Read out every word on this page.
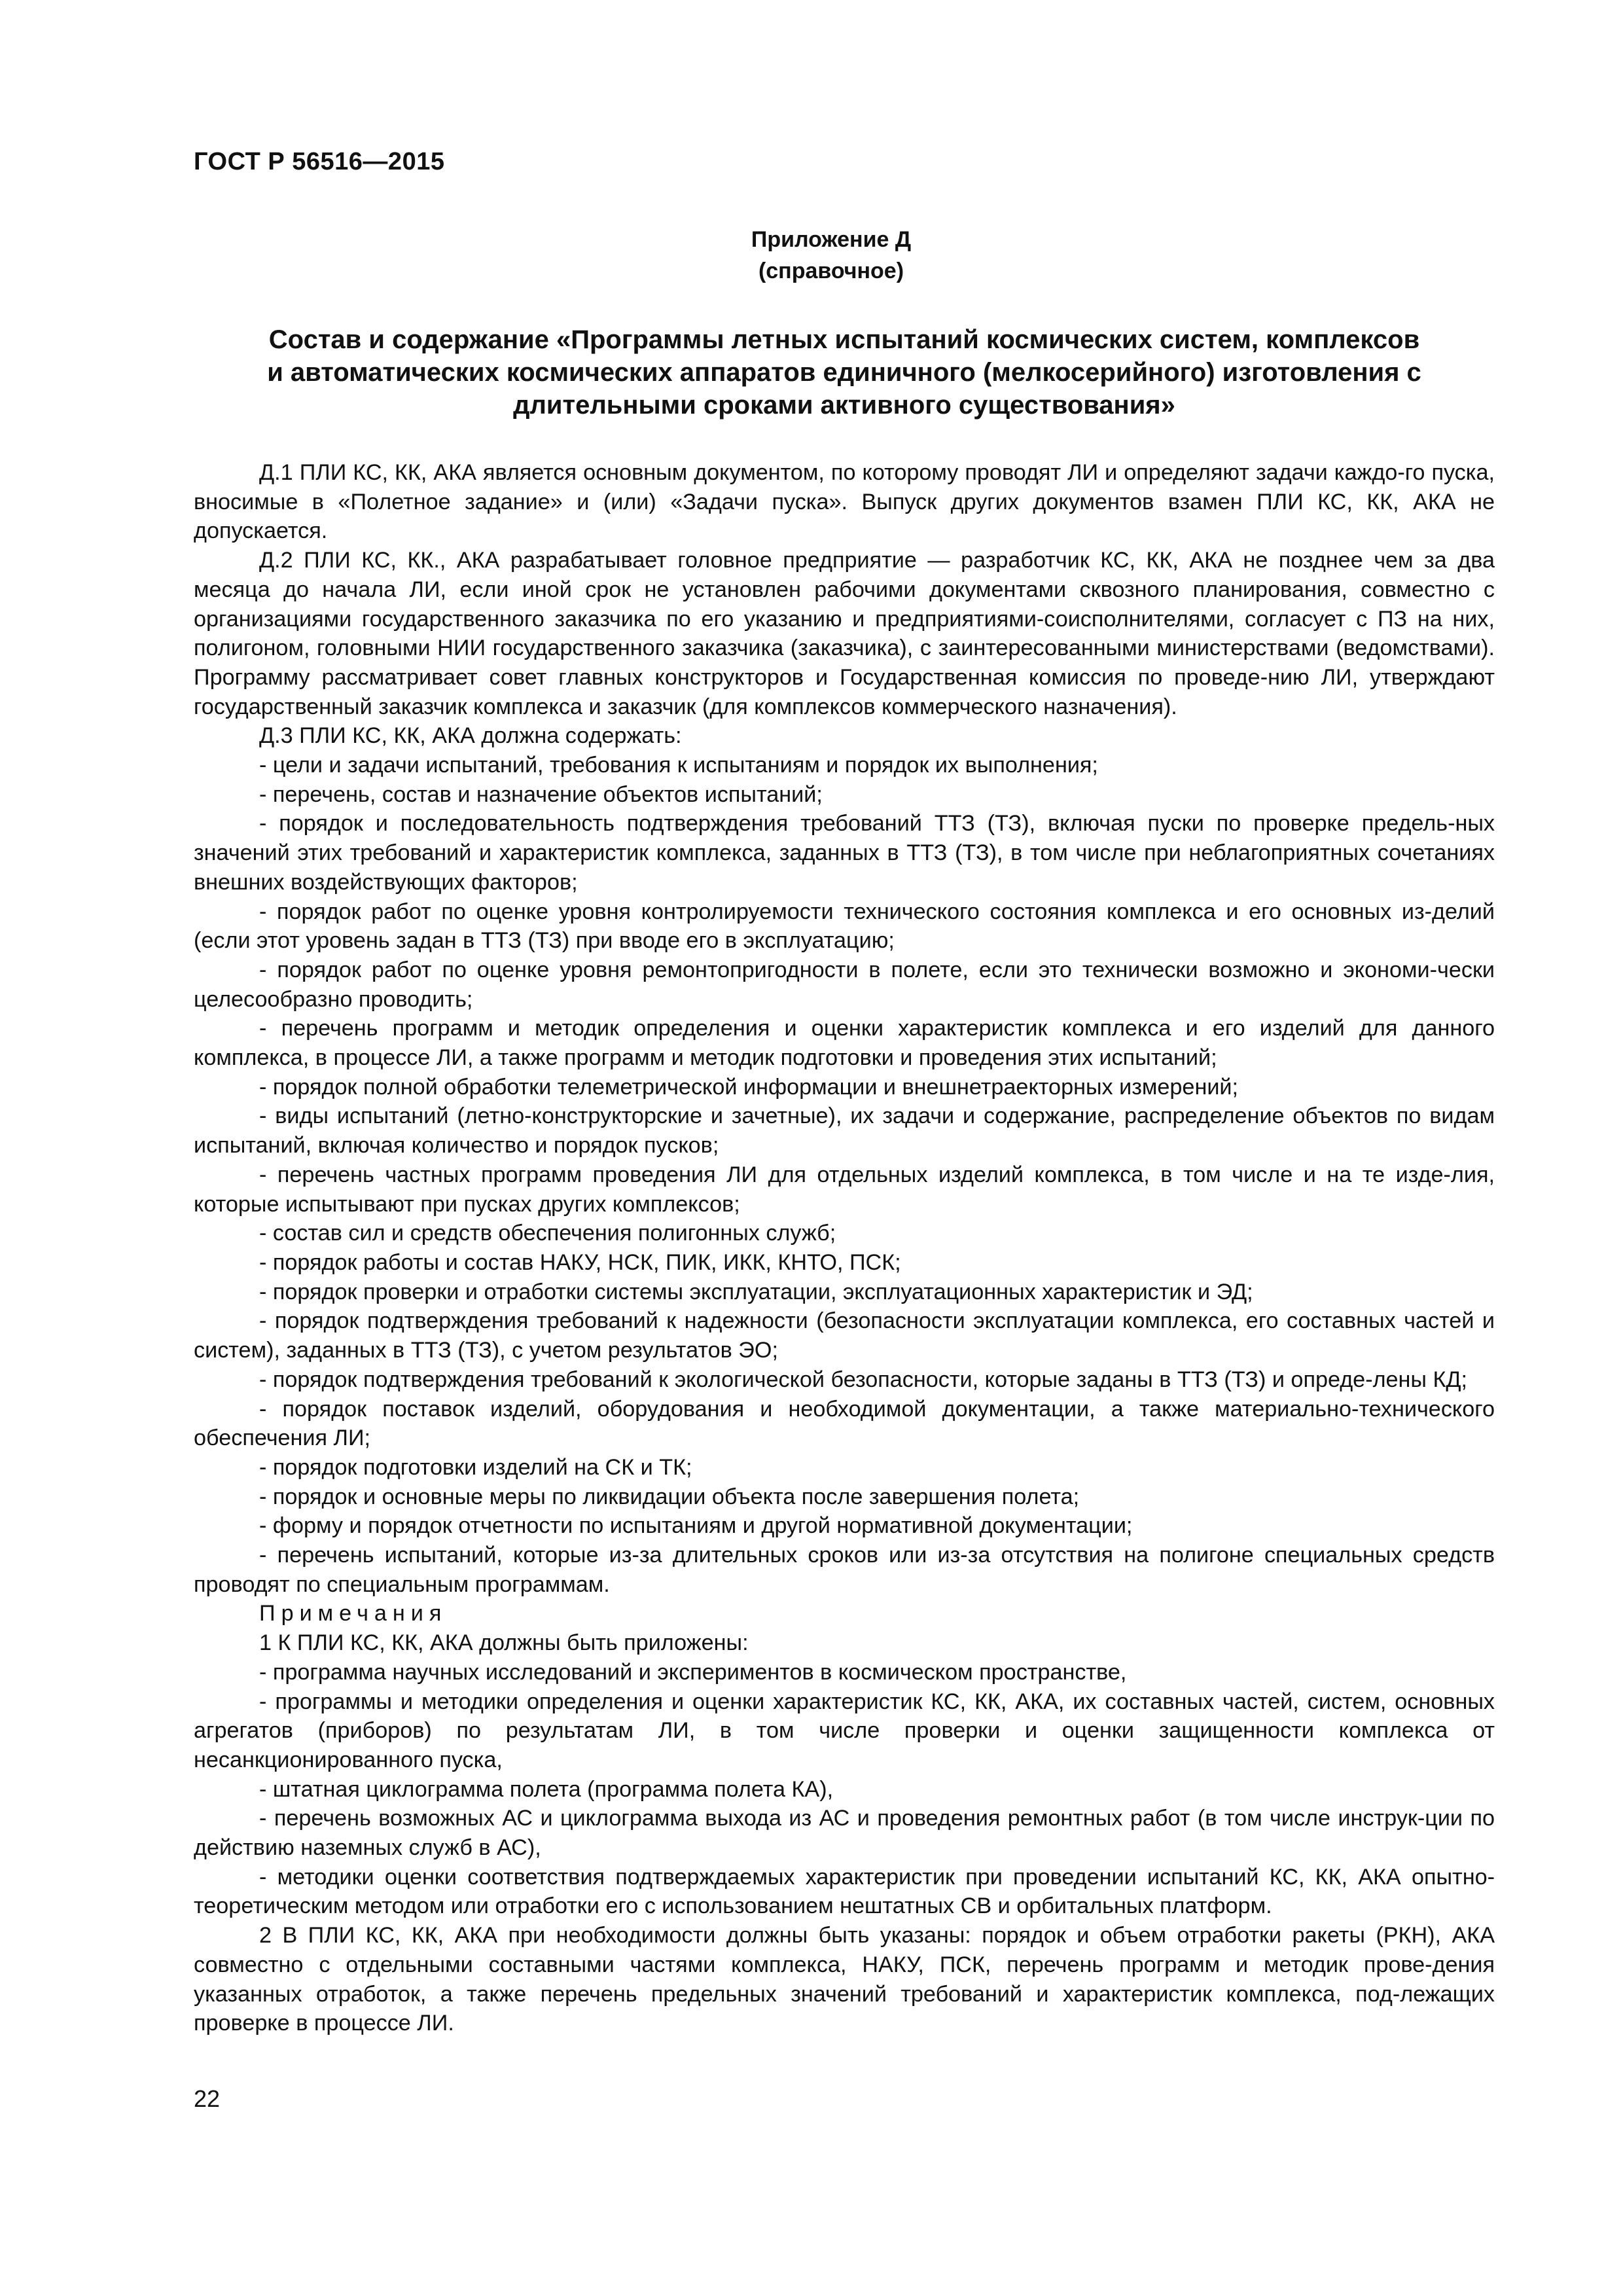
ГОСТ Р 56516—2015

Приложение Д
(справочное)
Состав и содержание «Программы летных испытаний космических систем, комплексов
и автоматических космических аппаратов единичного (мелкосерийного) изготовления с
длительными сроками активного существования»

Д.1 ПЛИ КС, КК, АКА является основным документом, по которому проводят ЛИ и определяют задачи каждо-го пуска, вносимые в «Полетное задание» и (или) «Задачи пуска». Выпуск других документов взамен ПЛИ КС, КК, АКА не допускается.

Д.2 ПЛИ КС, КК., АКА разрабатывает головное предприятие — разработчик КС, КК, АКА не позднее чем за два месяца до начала ЛИ, если иной срок не установлен рабочими документами сквозного планирования, совместно с организациями государственного заказчика по его указанию и предприятиями-соисполнителями, согласует с ПЗ на них, полигоном, головными НИИ государственного заказчика (заказчика), с заинтересованными министерствами (ведомствами). Программу рассматривает совет главных конструкторов и Государственная комиссия по проведе-нию ЛИ, утверждают государственный заказчик комплекса и заказчик (для комплексов коммерческого назначения).

Д.3 ПЛИ КС, КК, АКА должна содержать:

- цели и задачи испытаний, требования к испытаниям и порядок их выполнения;

- перечень, состав и назначение объектов испытаний;

- порядок и последовательность подтверждения требований ТТЗ (ТЗ), включая пуски по проверке предель-ных значений этих требований и характеристик комплекса, заданных в ТТЗ (ТЗ), в том числе при неблагоприятных сочетаниях внешних воздействующих факторов;

- порядок работ по оценке уровня контролируемости технического состояния комплекса и его основных из-делий (если этот уровень задан в ТТЗ (ТЗ) при вводе его в эксплуатацию;

- порядок работ по оценке уровня ремонтопригодности в полете, если это технически возможно и экономи-чески целесообразно проводить;

- перечень программ и методик определения и оценки характеристик комплекса и его изделий для данного комплекса, в процессе ЛИ, а также программ и методик подготовки и проведения этих испытаний;

- порядок полной обработки телеметрической информации и внешнетраекторных измерений;

- виды испытаний (летно-конструкторские и зачетные), их задачи и содержание, распределение объектов по видам испытаний, включая количество и порядок пусков;

- перечень частных программ проведения ЛИ для отдельных изделий комплекса, в том числе и на те изде-лия, которые испытывают при пусках других комплексов;

- состав сил и средств обеспечения полигонных служб;

- порядок работы и состав НАКУ, НСК, ПИК, ИКК, КНТО, ПСК;

- порядок проверки и отработки системы эксплуатации, эксплуатационных характеристик и ЭД;

- порядок подтверждения требований к надежности (безопасности эксплуатации комплекса, его составных частей и систем), заданных в ТТЗ (ТЗ), с учетом результатов ЭО;

- порядок подтверждения требований к экологической безопасности, которые заданы в ТТЗ (ТЗ) и опреде-лены КД;

- порядок поставок изделий, оборудования и необходимой документации, а также материально-технического обеспечения ЛИ;

- порядок подготовки изделий на СК и ТК;

- порядок и основные меры по ликвидации объекта после завершения полета;

- форму и порядок отчетности по испытаниям и другой нормативной документации;

- перечень испытаний, которые из-за длительных сроков или из-за отсутствия на полигоне специальных средств проводят по специальным программам.

Примечания

1 К ПЛИ КС, КК, АКА должны быть приложены:

- программа научных исследований и экспериментов в космическом пространстве,

- программы и методики определения и оценки характеристик КС, КК, АКА, их составных частей, систем, основных агрегатов (приборов) по результатам ЛИ, в том числе проверки и оценки защищенности комплекса от несанкционированного пуска,

- штатная циклограмма полета (программа полета КА),

- перечень возможных АС и циклограмма выхода из АС и проведения ремонтных работ (в том числе инструк-ции по действию наземных служб в АС),

- методики оценки соответствия подтверждаемых характеристик при проведении испытаний КС, КК, АКА опытно-теоретическим методом или отработки его с использованием нештатных СВ и орбитальных платформ.

2 В ПЛИ КС, КК, АКА при необходимости должны быть указаны: порядок и объем отработки ракеты (РКН), АКА совместно с отдельными составными частями комплекса, НАКУ, ПСК, перечень программ и методик прове-дения указанных отработок, а также перечень предельных значений требований и характеристик комплекса, под-лежащих проверке в процессе ЛИ.

22
